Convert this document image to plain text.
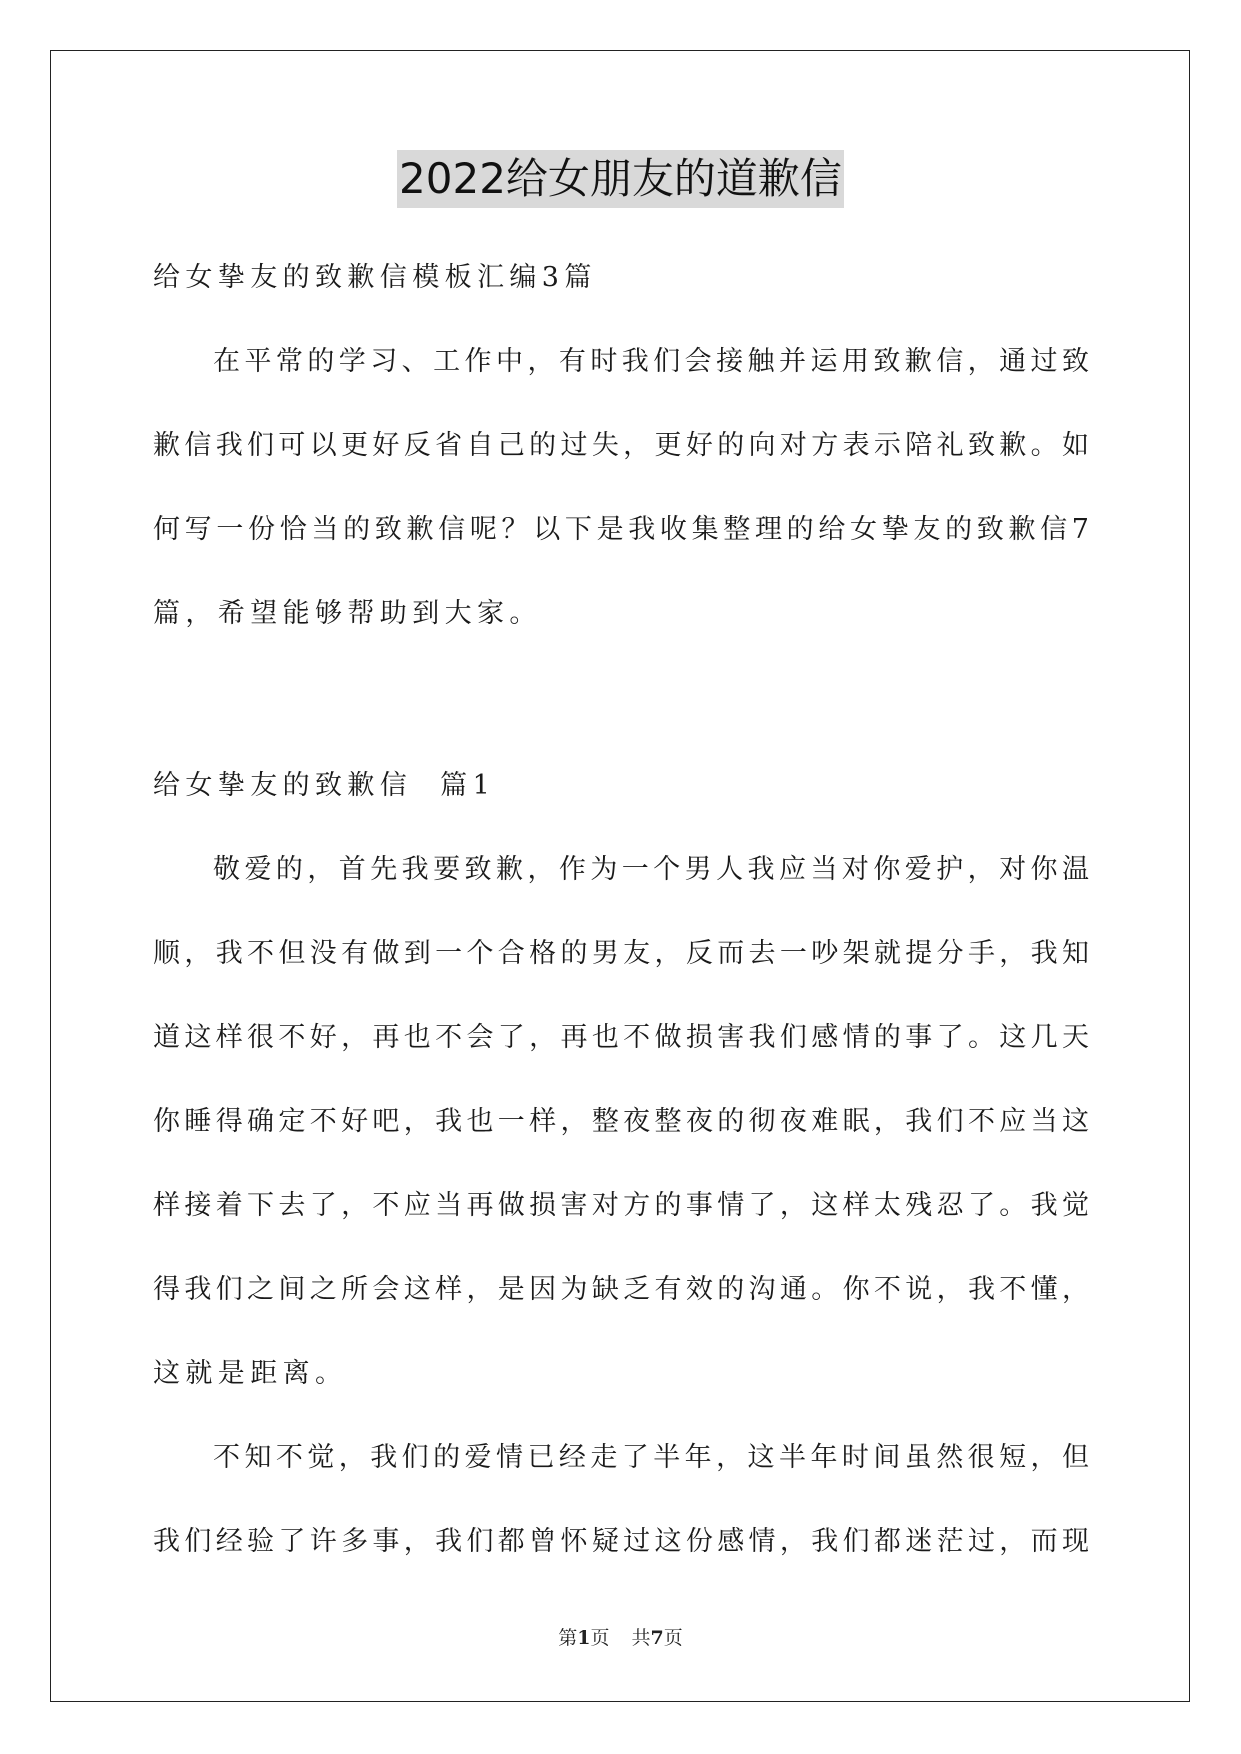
2022给女朋友的道歉信
给女挚友的致歉信模板汇编3篇
在平常的学习、工作中，有时我们会接触并运用致歉信，通过致
歉信我们可以更好反省自己的过失，更好的向对方表示陪礼致歉。如
何写一份恰当的致歉信呢？以下是我收集整理的给女挚友的致歉信7
篇，希望能够帮助到大家。
给女挚友的致歉信  篇1
敬爱的，首先我要致歉，作为一个男人我应当对你爱护，对你温
顺，我不但没有做到一个合格的男友，反而去一吵架就提分手，我知
道这样很不好，再也不会了，再也不做损害我们感情的事了。这几天
你睡得确定不好吧，我也一样，整夜整夜的彻夜难眠，我们不应当这
样接着下去了，不应当再做损害对方的事情了，这样太残忍了。我觉
得我们之间之所会这样，是因为缺乏有效的沟通。你不说，我不懂，
这就是距离。
不知不觉，我们的爱情已经走了半年，这半年时间虽然很短，但
我们经验了许多事，我们都曾怀疑过这份感情，我们都迷茫过，而现
第1页 共7页
